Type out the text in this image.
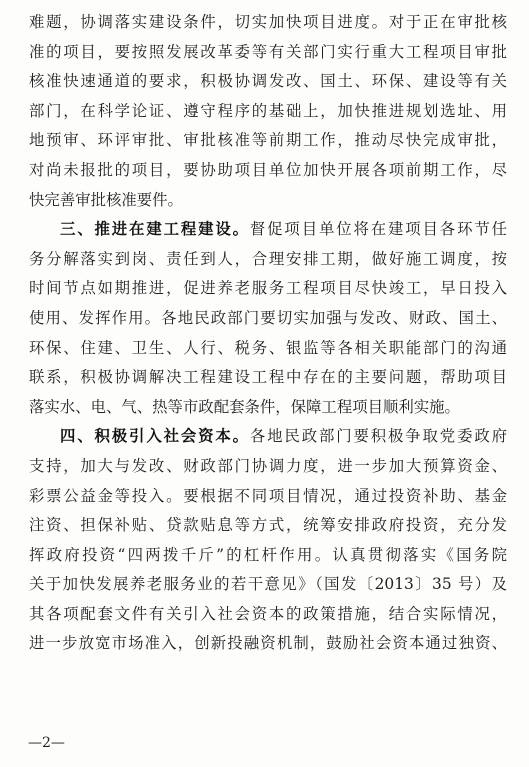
难题，协调落实建设条件，切实加快项目进度。对于正在审批核
准的项目，要按照发展改革委等有关部门实行重大工程项目审批
核准快速通道的要求，积极协调发改、国土、环保、建设等有关
部门，在科学论证、遵守程序的基础上，加快推进规划选址、用
地预审、环评审批、审批核准等前期工作，推动尽快完成审批，
对尚未报批的项目，要协助项目单位加快开展各项前期工作，尽
快完善审批核准要件。
三、推进在建工程建设。督促项目单位将在建项目各环节任
务分解落实到岗、责任到人，合理安排工期，做好施工调度，按
时间节点如期推进，促进养老服务工程项目尽快竣工，早日投入
使用、发挥作用。各地民政部门要切实加强与发改、财政、国土、
环保、住建、卫生、人行、税务、银监等各相关职能部门的沟通
联系，积极协调解决工程建设工程中存在的主要问题，帮助项目
落实水、电、气、热等市政配套条件，保障工程项目顺利实施。
四、积极引入社会资本。各地民政部门要积极争取党委政府
支持，加大与发改、财政部门协调力度，进一步加大预算资金、
彩票公益金等投入。要根据不同项目情况，通过投资补助、基金
注资、担保补贴、贷款贴息等方式，统筹安排政府投资，充分发
挥政府投资“四两拨千斤”的杠杆作用。认真贯彻落实《国务院
关于加快发展养老服务业的若干意见》（国发〔2013〕35 号）及
其各项配套文件有关引入社会资本的政策措施，结合实际情况，
进一步放宽市场准入，创新投融资机制，鼓励社会资本通过独资、
—2—
